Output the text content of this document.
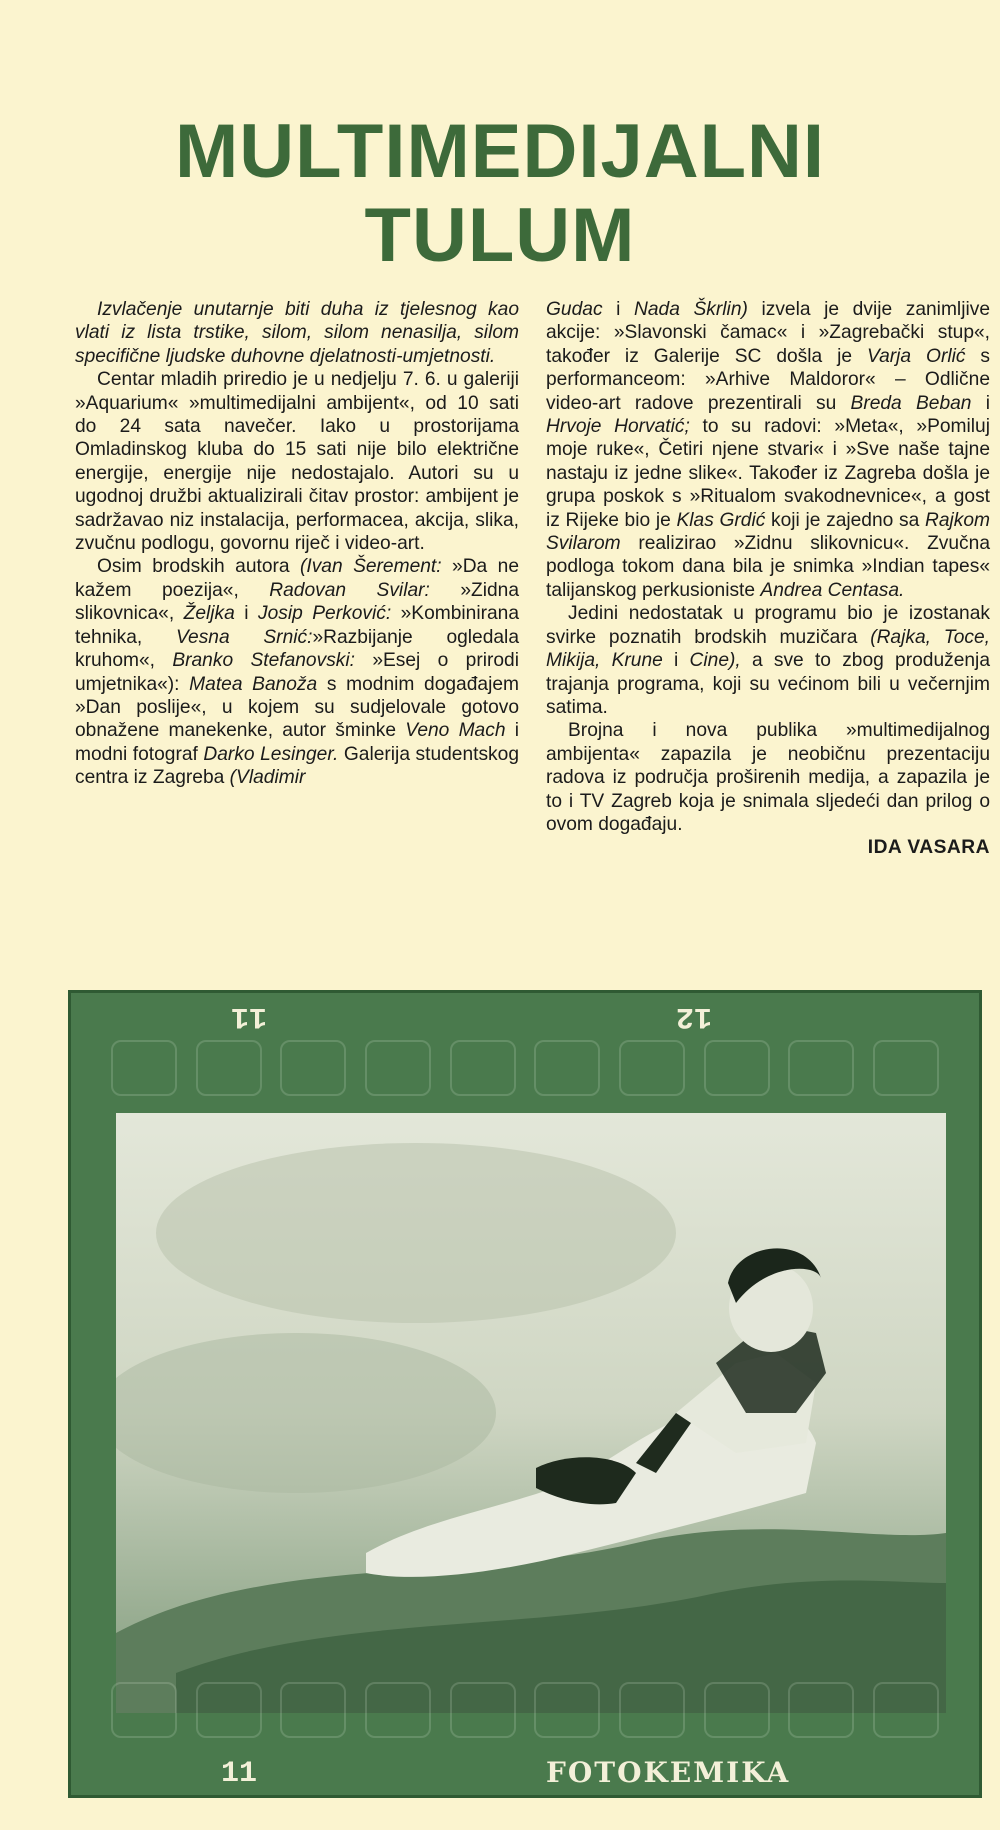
MULTIMEDIJALNI
TULUM

Izvlačenje unutarnje biti duha iz tjelesnog kao vlati iz lista trstike, silom, silom nenasilja, silom specifične ljudske duhovne djelatnosti-umjetnosti.

Centar mladih priredio je u nedjelju 7. 6. u galeriji »Aquarium« »multimedijalni ambijent«, od 10 sati do 24 sata navečer. Iako u prostorijama Omladinskog kluba do 15 sati nije bilo električne energije, energije nije nedostajalo. Autori su u ugodnoj družbi aktualizirali čitav prostor: ambijent je sadržavao niz instalacija, performacea, akcija, slika, zvučnu podlogu, govornu riječ i video-art.

Osim brodskih autora (Ivan Šerement: »Da ne kažem poezija«, Radovan Svilar: »Zidna slikovnica«, Željka i Josip Perković: »Kombinirana tehnika, Vesna Srnić:»Razbijanje ogledala kruhom«, Branko Stefanovski: »Esej o prirodi umjetnika«): Matea Banoža s modnim događajem »Dan poslije«, u kojem su sudjelovale gotovo obnažene manekenke, autor šminke Veno Mach i modni fotograf Darko Lesinger. Galerija studentskog centra iz Zagreba (Vladimir

Gudac i Nada Škrlin) izvela je dvije zanimljive akcije: »Slavonski čamac« i »Zagrebački stup«, također iz Galerije SC došla je Varja Orlić s performanceom: »Arhive Maldoror« – Odlične video-art radove prezentirali su Breda Beban i Hrvoje Horvatić; to su radovi: »Meta«, »Pomiluj moje ruke«, Četiri njene stvari« i »Sve naše tajne nastaju iz jedne slike«. Također iz Zagreba došla je grupa poskok s »Ritualom svakodnevnice«, a gost iz Rijeke bio je Klas Grdić koji je zajedno sa Rajkom Svilarom realizirao »Zidnu slikovnicu«. Zvučna podloga tokom dana bila je snimka »Indian tapes« talijanskog perkusioniste Andrea Centasa.

Jedini nedostatak u programu bio je izostanak svirke poznatih brodskih muzičara (Rajka, Toce, Mikija, Krune i Cine), a sve to zbog produženja trajanja programa, koji su većinom bili u večernjim satima.

Brojna i nova publika »multimedijalnog ambijenta« zapazila je neobičnu prezentaciju radova iz područja proširenih medija, a zapazila je to i TV Zagreb koja je snimala sljedeći dan prilog o ovom događaju.

IDA VASARA

11	12
11	FOTOKEMIKA
